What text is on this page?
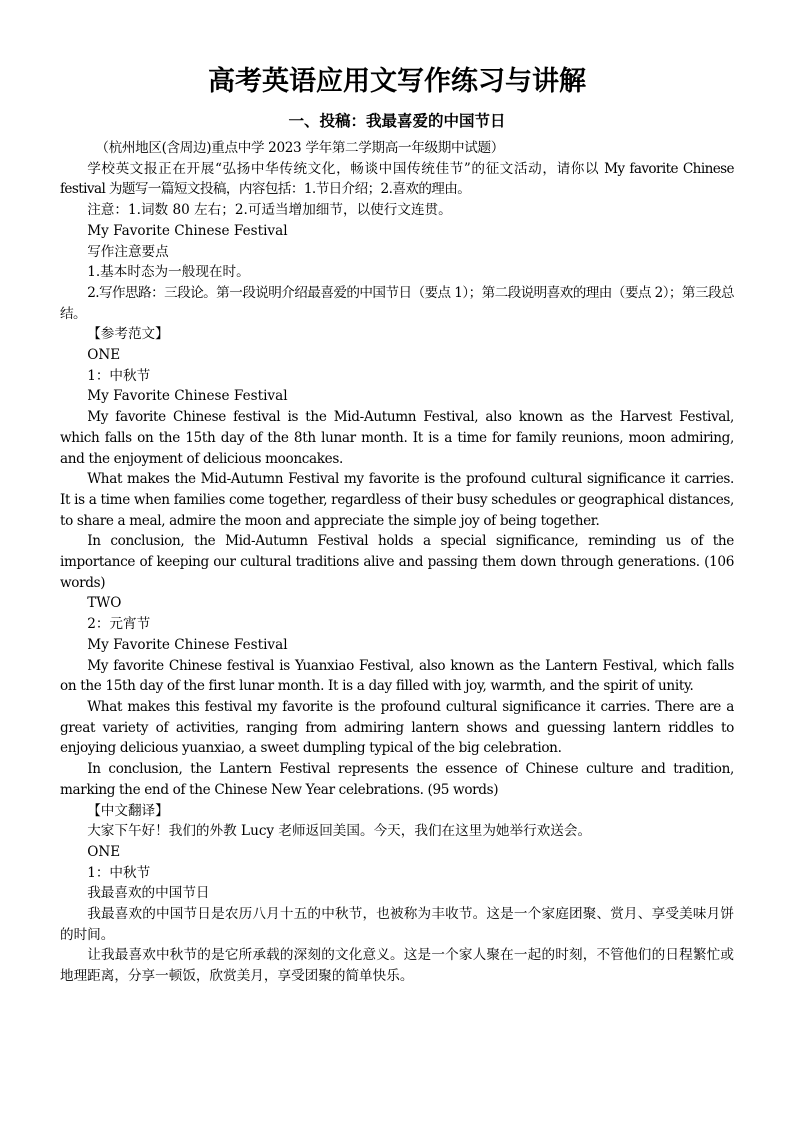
高考英语应用文写作练习与讲解
一、投稿：我最喜爱的中国节日

（杭州地区(含周边)重点中学 2023 学年第二学期高一年级期中试题）

学校英文报正在开展“弘扬中华传统文化，畅谈中国传统佳节”的征文活动，请你以 My favorite Chinese festival 为题写一篇短文投稿，内容包括：1.节日介绍；2.喜欢的理由。

注意：1.词数 80 左右；2.可适当增加细节，以使行文连贯。

My Favorite Chinese Festival

写作注意要点

1.基本时态为一般现在时。

2.写作思路：三段论。第一段说明介绍最喜爱的中国节日（要点 1）；第二段说明喜欢的理由（要点 2）；第三段总结。

【参考范文】

ONE

1：中秋节

My Favorite Chinese Festival

My favorite Chinese festival is the Mid-Autumn Festival, also known as the Harvest Festival, which falls on the 15th day of the 8th lunar month. It is a time for family reunions, moon admiring, and the enjoyment of delicious mooncakes.

What makes the Mid-Autumn Festival my favorite is the profound cultural significance it carries. It is a time when families come together, regardless of their busy schedules or geographical distances, to share a meal, admire the moon and appreciate the simple joy of being together.

In conclusion, the Mid-Autumn Festival holds a special significance, reminding us of the importance of keeping our cultural traditions alive and passing them down through generations. (106 words)

TWO

2：元宵节

My Favorite Chinese Festival

My favorite Chinese festival is Yuanxiao Festival, also known as the Lantern Festival, which falls on the 15th day of the first lunar month. It is a day filled with joy, warmth, and the spirit of unity.

What makes this festival my favorite is the profound cultural significance it carries. There are a great variety of activities, ranging from admiring lantern shows and guessing lantern riddles to enjoying delicious yuanxiao, a sweet dumpling typical of the big celebration.

In conclusion, the Lantern Festival represents the essence of Chinese culture and tradition, marking the end of the Chinese New Year celebrations. (95 words)

【中文翻译】

大家下午好！我们的外教 Lucy 老师返回美国。今天，我们在这里为她举行欢送会。

ONE

1：中秋节

我最喜欢的中国节日

我最喜欢的中国节日是农历八月十五的中秋节，也被称为丰收节。这是一个家庭团聚、赏月、享受美味月饼的时间。

让我最喜欢中秋节的是它所承载的深刻的文化意义。这是一个家人聚在一起的时刻，不管他们的日程繁忙或地理距离，分享一顿饭，欣赏美月，享受团聚的简单快乐。
